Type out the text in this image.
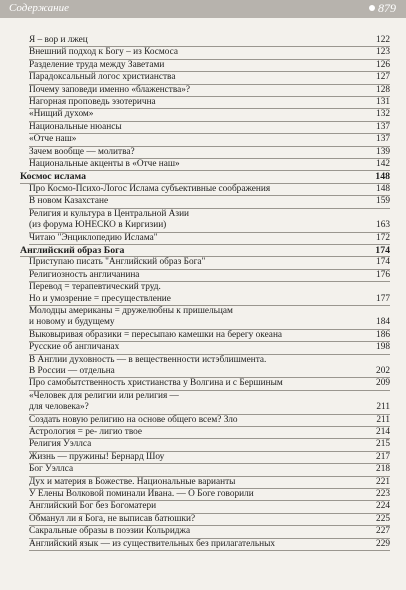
Содержание	879
Я – вор и лжец	122
Внешний подход к Богу – из Космоса	123
Разделение труда между Заветами	126
Парадоксальный логос христианства	127
Почему заповеди именно «блаженства»?	128
Нагорная проповедь эзотерична	131
«Нищий духом»	132
Национальные нюансы	137
«Отче наш»	137
Зачем вообще — молитва?	139
Национальные акценты в «Отче наш»	142
Космос ислама	148
Про Космо-Психо-Логос Ислама субъективные соображения	148
В новом Казахстане	159
Религия и культура в Центральной Азии
(из форума ЮНЕСКО в Киргизии)	163
Читаю "Энциклопедию Ислама"	172
Английский образ Бога	174
Приступаю писать "Английский образ Бога"	174
Религиозность англичанина	176
Перевод = терапевтический труд.
Но и умозрение = пресуществление	177
Молодцы американы = дружелюбны к пришельцам
и новому и будущему	184
Выковыривая образики = пересыпаю камешки на берегу океана	186
Русские об англичанах	198
В Англии духовность — в вещественности истэблишмента.
В России — отдельна	202
Про самобытственность христианства у Волгина и с Бершиным	209
«Человек для религии или религия —
для человека»?	211
Создать новую религию на основе общего всем? Зло	211
Астрология = ре- лигио твое	214
Религия Уэллса	215
Жизнь — пружины! Бернард Шоу	217
Бог Уэллса	218
Дух и материя в Божестве. Национальные варианты	221
У Елены Волковой поминали Ивана. — О Боге говорили	223
Английский Бог без Богоматери	224
Обманул ли я Бога, не выписав батюшки?	225
Сакральные образы в поэзии Кольриджа	227
Английский язык — из существительных без прилагательных	229
